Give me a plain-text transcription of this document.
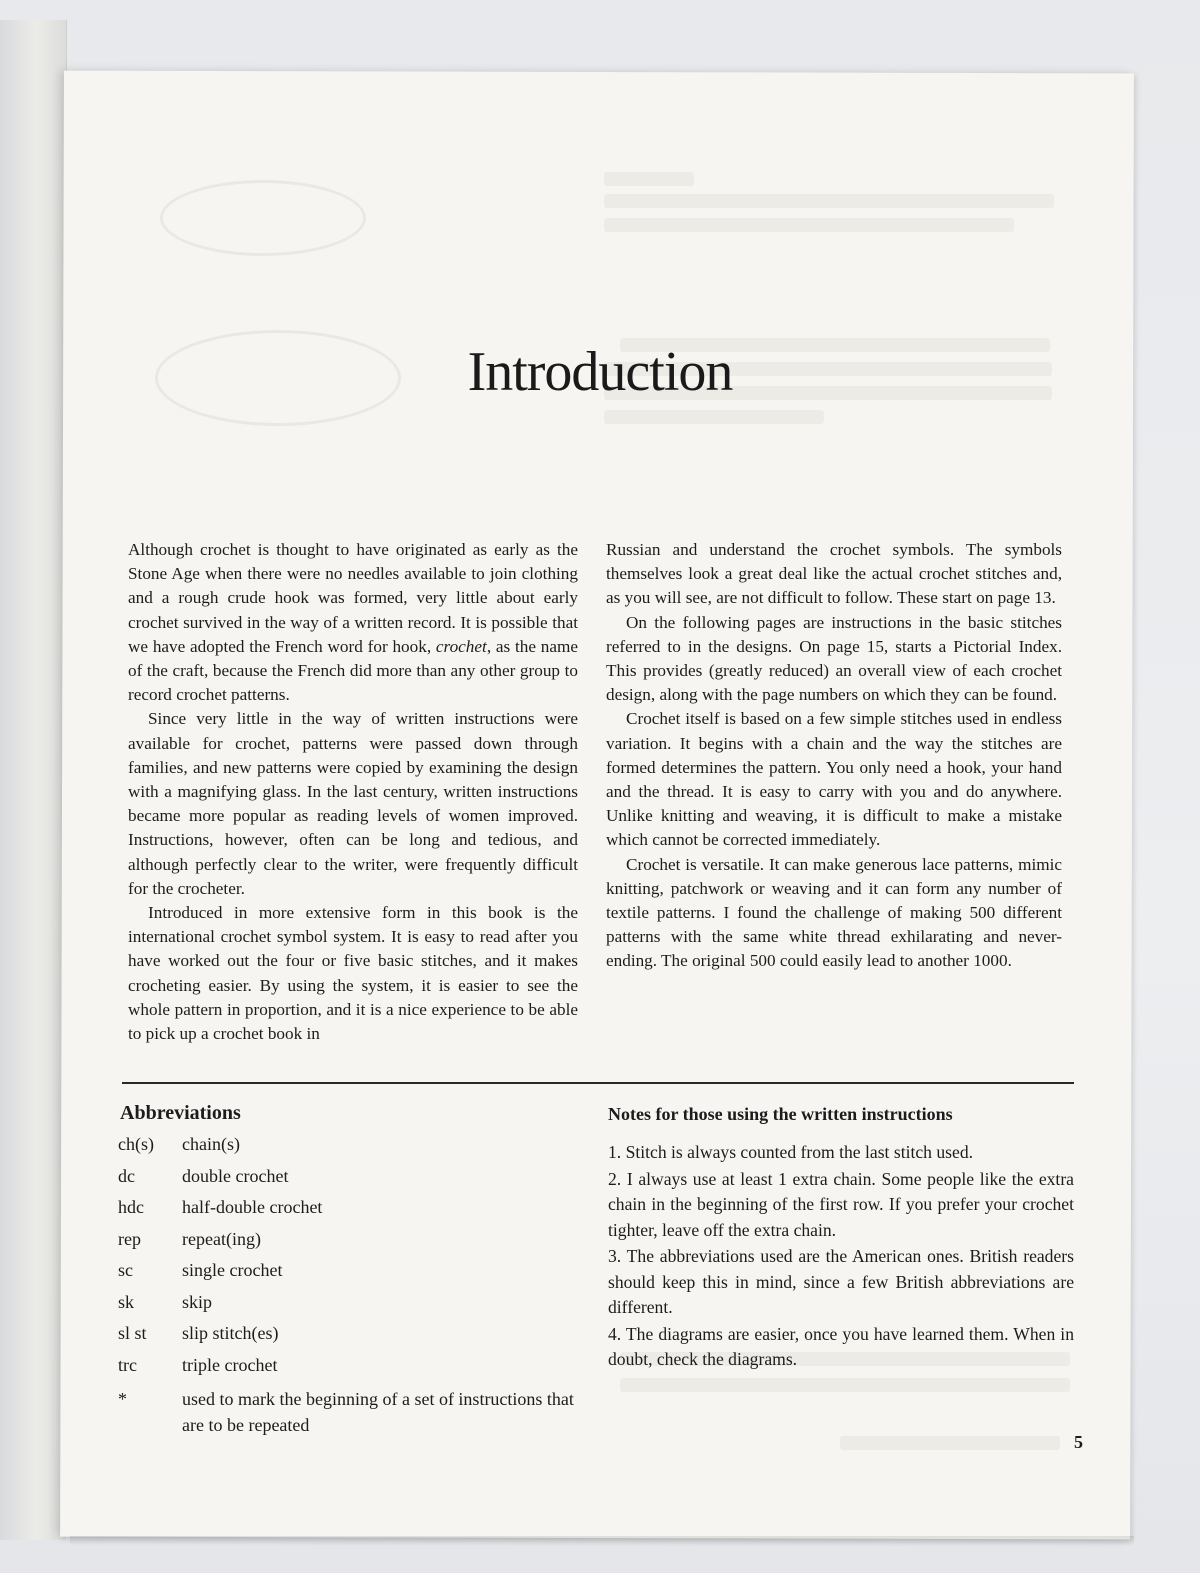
Introduction

Although crochet is thought to have originated as early as the Stone Age when there were no needles available to join clothing and a rough crude hook was formed, very little about early crochet survived in the way of a written record. It is possible that we have adopted the French word for hook, crochet, as the name of the craft, because the French did more than any other group to record crochet patterns.

Since very little in the way of written instructions were available for crochet, patterns were passed down through families, and new patterns were copied by examining the design with a magnifying glass. In the last century, written instructions became more popular as reading levels of women improved. Instructions, however, often can be long and tedious, and although perfectly clear to the writer, were frequently difficult for the crocheter.

Introduced in more extensive form in this book is the international crochet symbol system. It is easy to read after you have worked out the four or five basic stitches, and it makes crocheting easier. By using the system, it is easier to see the whole pattern in proportion, and it is a nice experience to be able to pick up a crochet book in

Russian and understand the crochet symbols. The symbols themselves look a great deal like the actual crochet stitches and, as you will see, are not difficult to follow. These start on page 13.

On the following pages are instructions in the basic stitches referred to in the designs. On page 15, starts a Pictorial Index. This provides (greatly reduced) an overall view of each crochet design, along with the page numbers on which they can be found.

Crochet itself is based on a few simple stitches used in endless variation. It begins with a chain and the way the stitches are formed determines the pattern. You only need a hook, your hand and the thread. It is easy to carry with you and do anywhere. Unlike knitting and weaving, it is difficult to make a mistake which cannot be corrected immediately.

Crochet is versatile. It can make generous lace patterns, mimic knitting, patchwork or weaving and it can form any number of textile patterns. I found the challenge of making 500 different patterns with the same white thread exhilarating and never-ending. The original 500 could easily lead to another 1000.

Abbreviations
ch(s)	chain(s)
dc	double crochet
hdc	half-double crochet
rep	repeat(ing)
sc	single crochet
sk	skip
sl st	slip stitch(es)
trc	triple crochet
*	used to mark the beginning of a set of instructions that are to be repeated
Notes for those using the written instructions

1. Stitch is always counted from the last stitch used.

2. I always use at least 1 extra chain. Some people like the extra chain in the beginning of the first row. If you prefer your crochet tighter, leave off the extra chain.

3. The abbreviations used are the American ones. British readers should keep this in mind, since a few British abbreviations are different.

4. The diagrams are easier, once you have learned them. When in doubt, check the diagrams.

5
